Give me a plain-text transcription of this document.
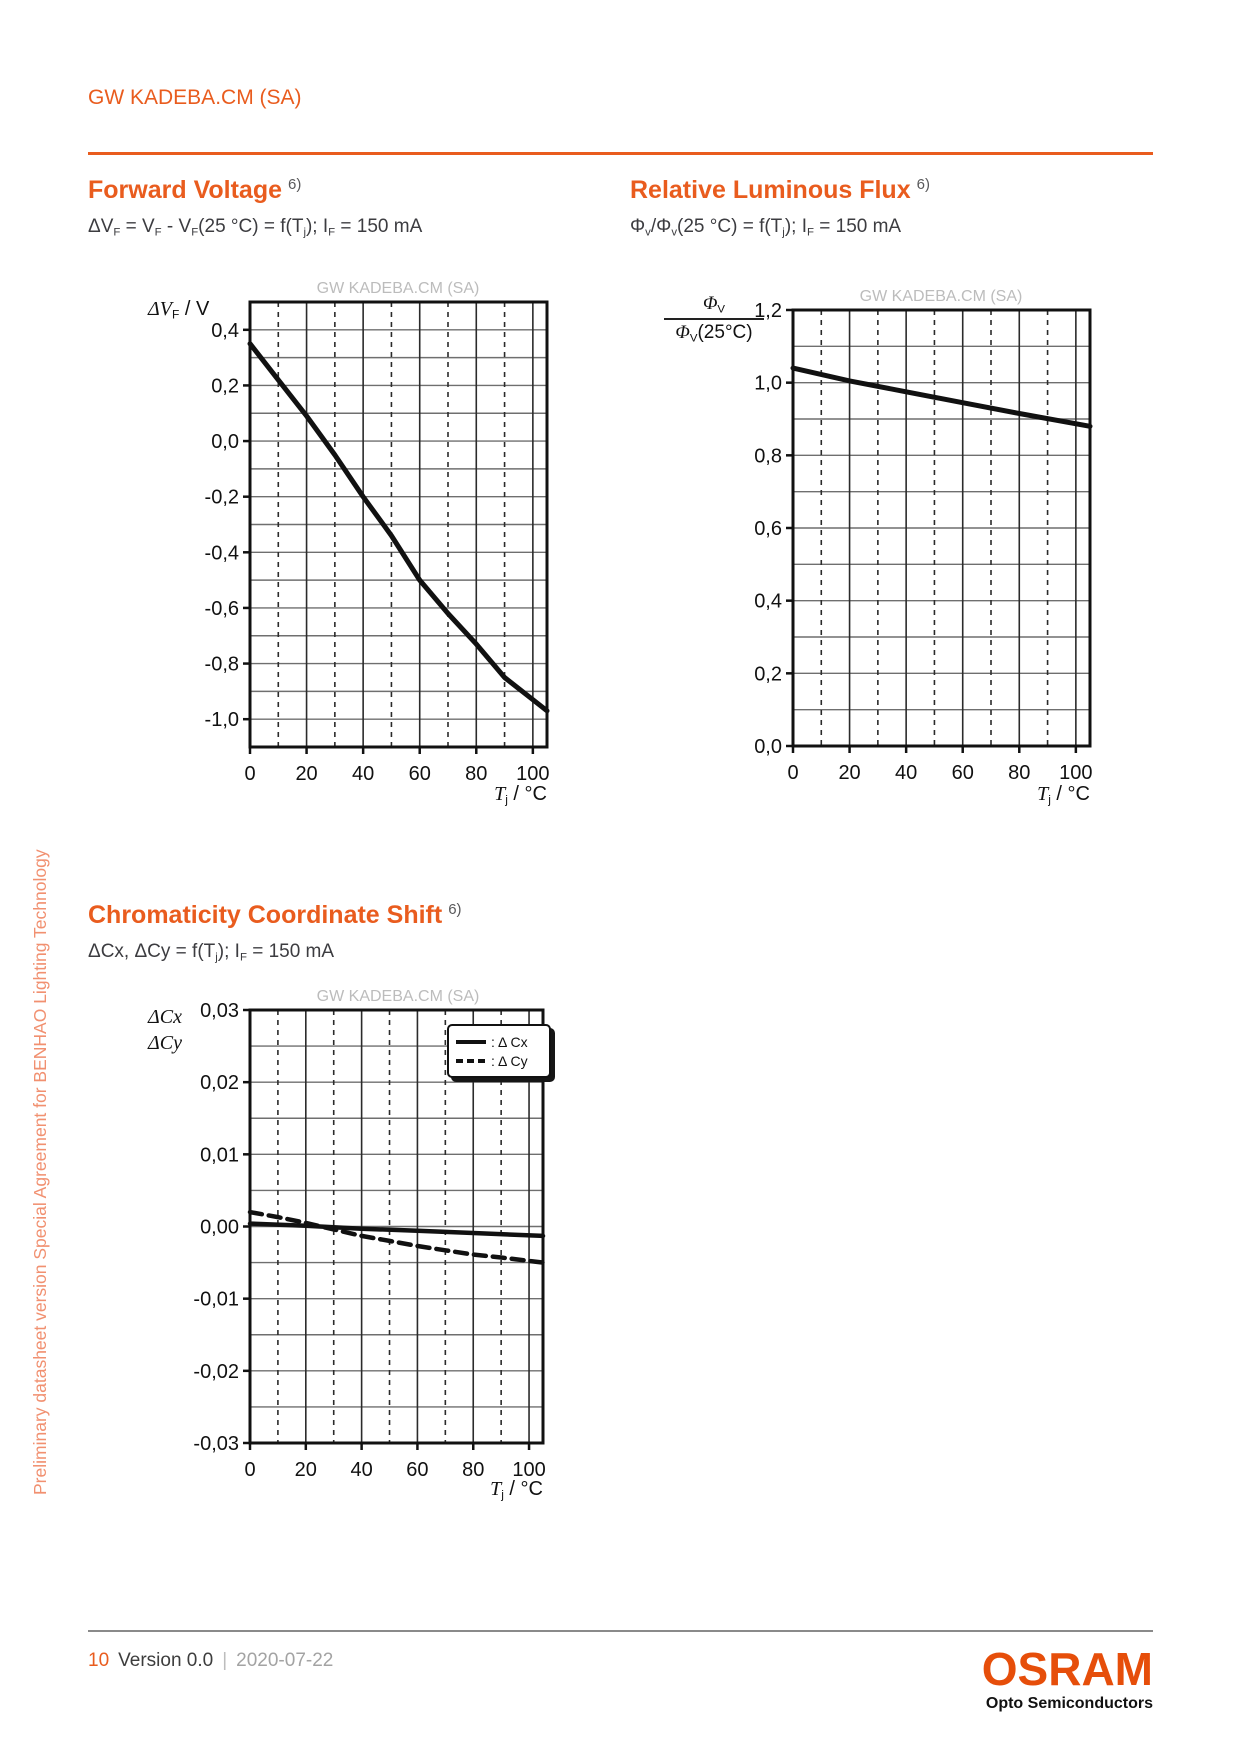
GW KADEBA.CM (SA)
Forward Voltage $^{6)}$
$\Delta V_F = V_F - V_F(25$ $^\circ C) = f(T_j)$; $I_F = 150$ mA
GW KADEBA.CM (SA)
$\Delta V_F$ / V
0,4
0,2
0,0
-0,2
-0,4
-0,6
-0,8
-1,0
0 20 40 60 80 100
$T_j / ^\circ C$
Relative Luminous Flux $^{6)}$
$\Phi_v/\Phi_v(25$ $^\circ C) = f(T_j)$; $I_F = 150$ mA
GW KADEBA.CM (SA)
$\frac{\Phi_V}{\Phi_V(25^\circ C)}$
1,2
1,0
0,8
0,6
0,4
0,2
0,0
0 20 40 60 80 100
$T_j / ^\circ C$
Chromaticity Coordinate Shift $^{6)}$
ΔCx, $\Delta Cy = f(T_j)$; $I_F = 150$ mA
GW KADEBA.CM (SA)
ΔCx
ΔCy
0,03
0,02
0,01
0,00
-0,01
-0,02
-0,03
0 20 40 60 80 100
: Δ Cx
: Δ Cy
$T_j / ^\circ C$
Preliminary datasheet version Special Agreement for BENHAO Lighting Technology
10 Version 0.0 | 2020-07-22	OSRAM
Opto Semiconductors
